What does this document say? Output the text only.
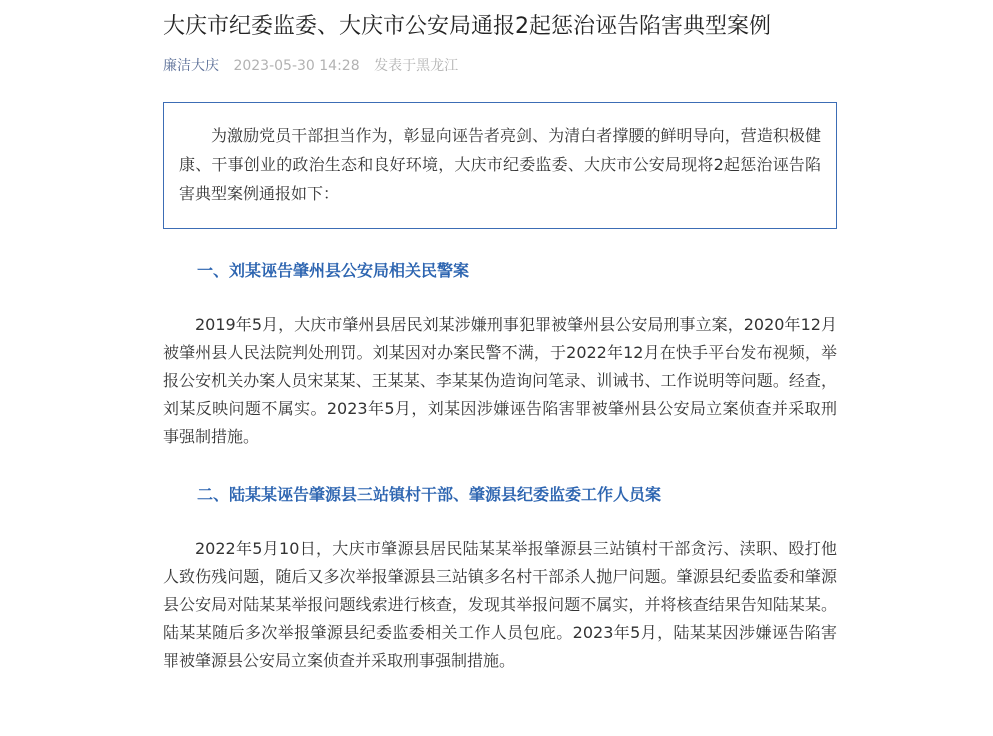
大庆市纪委监委、大庆市公安局通报2起惩治诬告陷害典型案例
廉洁大庆 2023-05-30 14:28 发表于黑龙江

为激励党员干部担当作为，彰显向诬告者亮剑、为清白者撑腰的鲜明导向，营造积极健康、干事创业的政治生态和良好环境，大庆市纪委监委、大庆市公安局现将2起惩治诬告陷害典型案例通报如下：

一、刘某诬告肇州县公安局相关民警案

2019年5月，大庆市肇州县居民刘某涉嫌刑事犯罪被肇州县公安局刑事立案，2020年12月被肇州县人民法院判处刑罚。刘某因对办案民警不满，于2022年12月在快手平台发布视频，举报公安机关办案人员宋某某、王某某、李某某伪造询问笔录、训诫书、工作说明等问题。经查，刘某反映问题不属实。2023年5月，刘某因涉嫌诬告陷害罪被肇州县公安局立案侦查并采取刑事强制措施。

二、陆某某诬告肇源县三站镇村干部、肇源县纪委监委工作人员案

2022年5月10日，大庆市肇源县居民陆某某举报肇源县三站镇村干部贪污、渎职、殴打他人致伤残问题，随后又多次举报肇源县三站镇多名村干部杀人抛尸问题。肇源县纪委监委和肇源县公安局对陆某某举报问题线索进行核查，发现其举报问题不属实，并将核查结果告知陆某某。陆某某随后多次举报肇源县纪委监委相关工作人员包庇。2023年5月，陆某某因涉嫌诬告陷害罪被肇源县公安局立案侦查并采取刑事强制措施。
